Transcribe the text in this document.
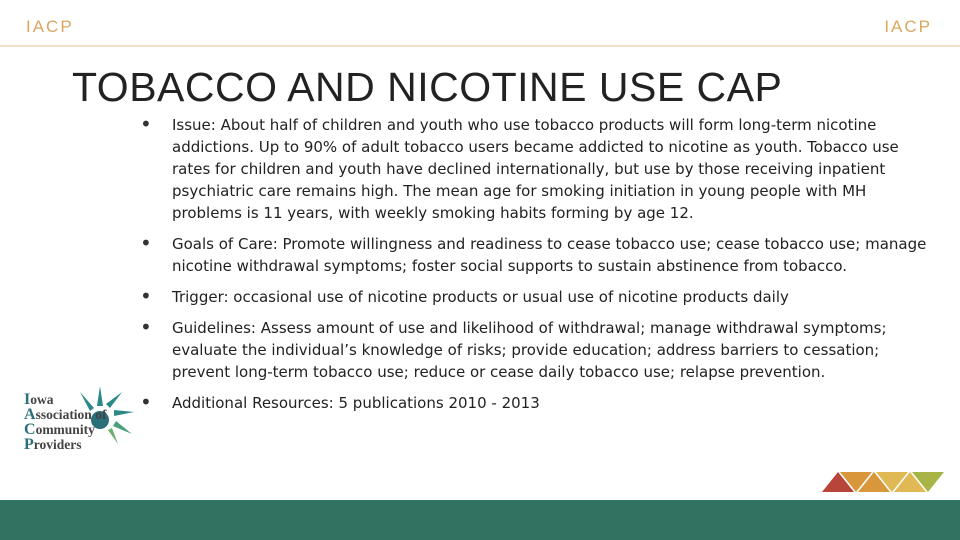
IACP	IACP
TOBACCO AND NICOTINE USE CAP
• Issue: About half of children and youth who use tobacco products will form long-term nicotine addictions. Up to 90% of adult tobacco users became addicted to nicotine as youth. Tobacco use rates for children and youth have declined internationally, but use by those receiving inpatient psychiatric care remains high. The mean age for smoking initiation in young people with MH problems is 11 years, with weekly smoking habits forming by age 12.
• Goals of Care: Promote willingness and readiness to cease tobacco use; cease tobacco use; manage nicotine withdrawal symptoms; foster social supports to sustain abstinence from tobacco.
• Trigger: occasional use of nicotine products or usual use of nicotine products daily
• Guidelines: Assess amount of use and likelihood of withdrawal; manage withdrawal symptoms; evaluate the individual’s knowledge of risks; provide education; address barriers to cessation; prevent long-term tobacco use; reduce or cease daily tobacco use; relapse prevention.
• Additional Resources: 5 publications 2010 - 2013
Iowa
Association of
Community
Providers
